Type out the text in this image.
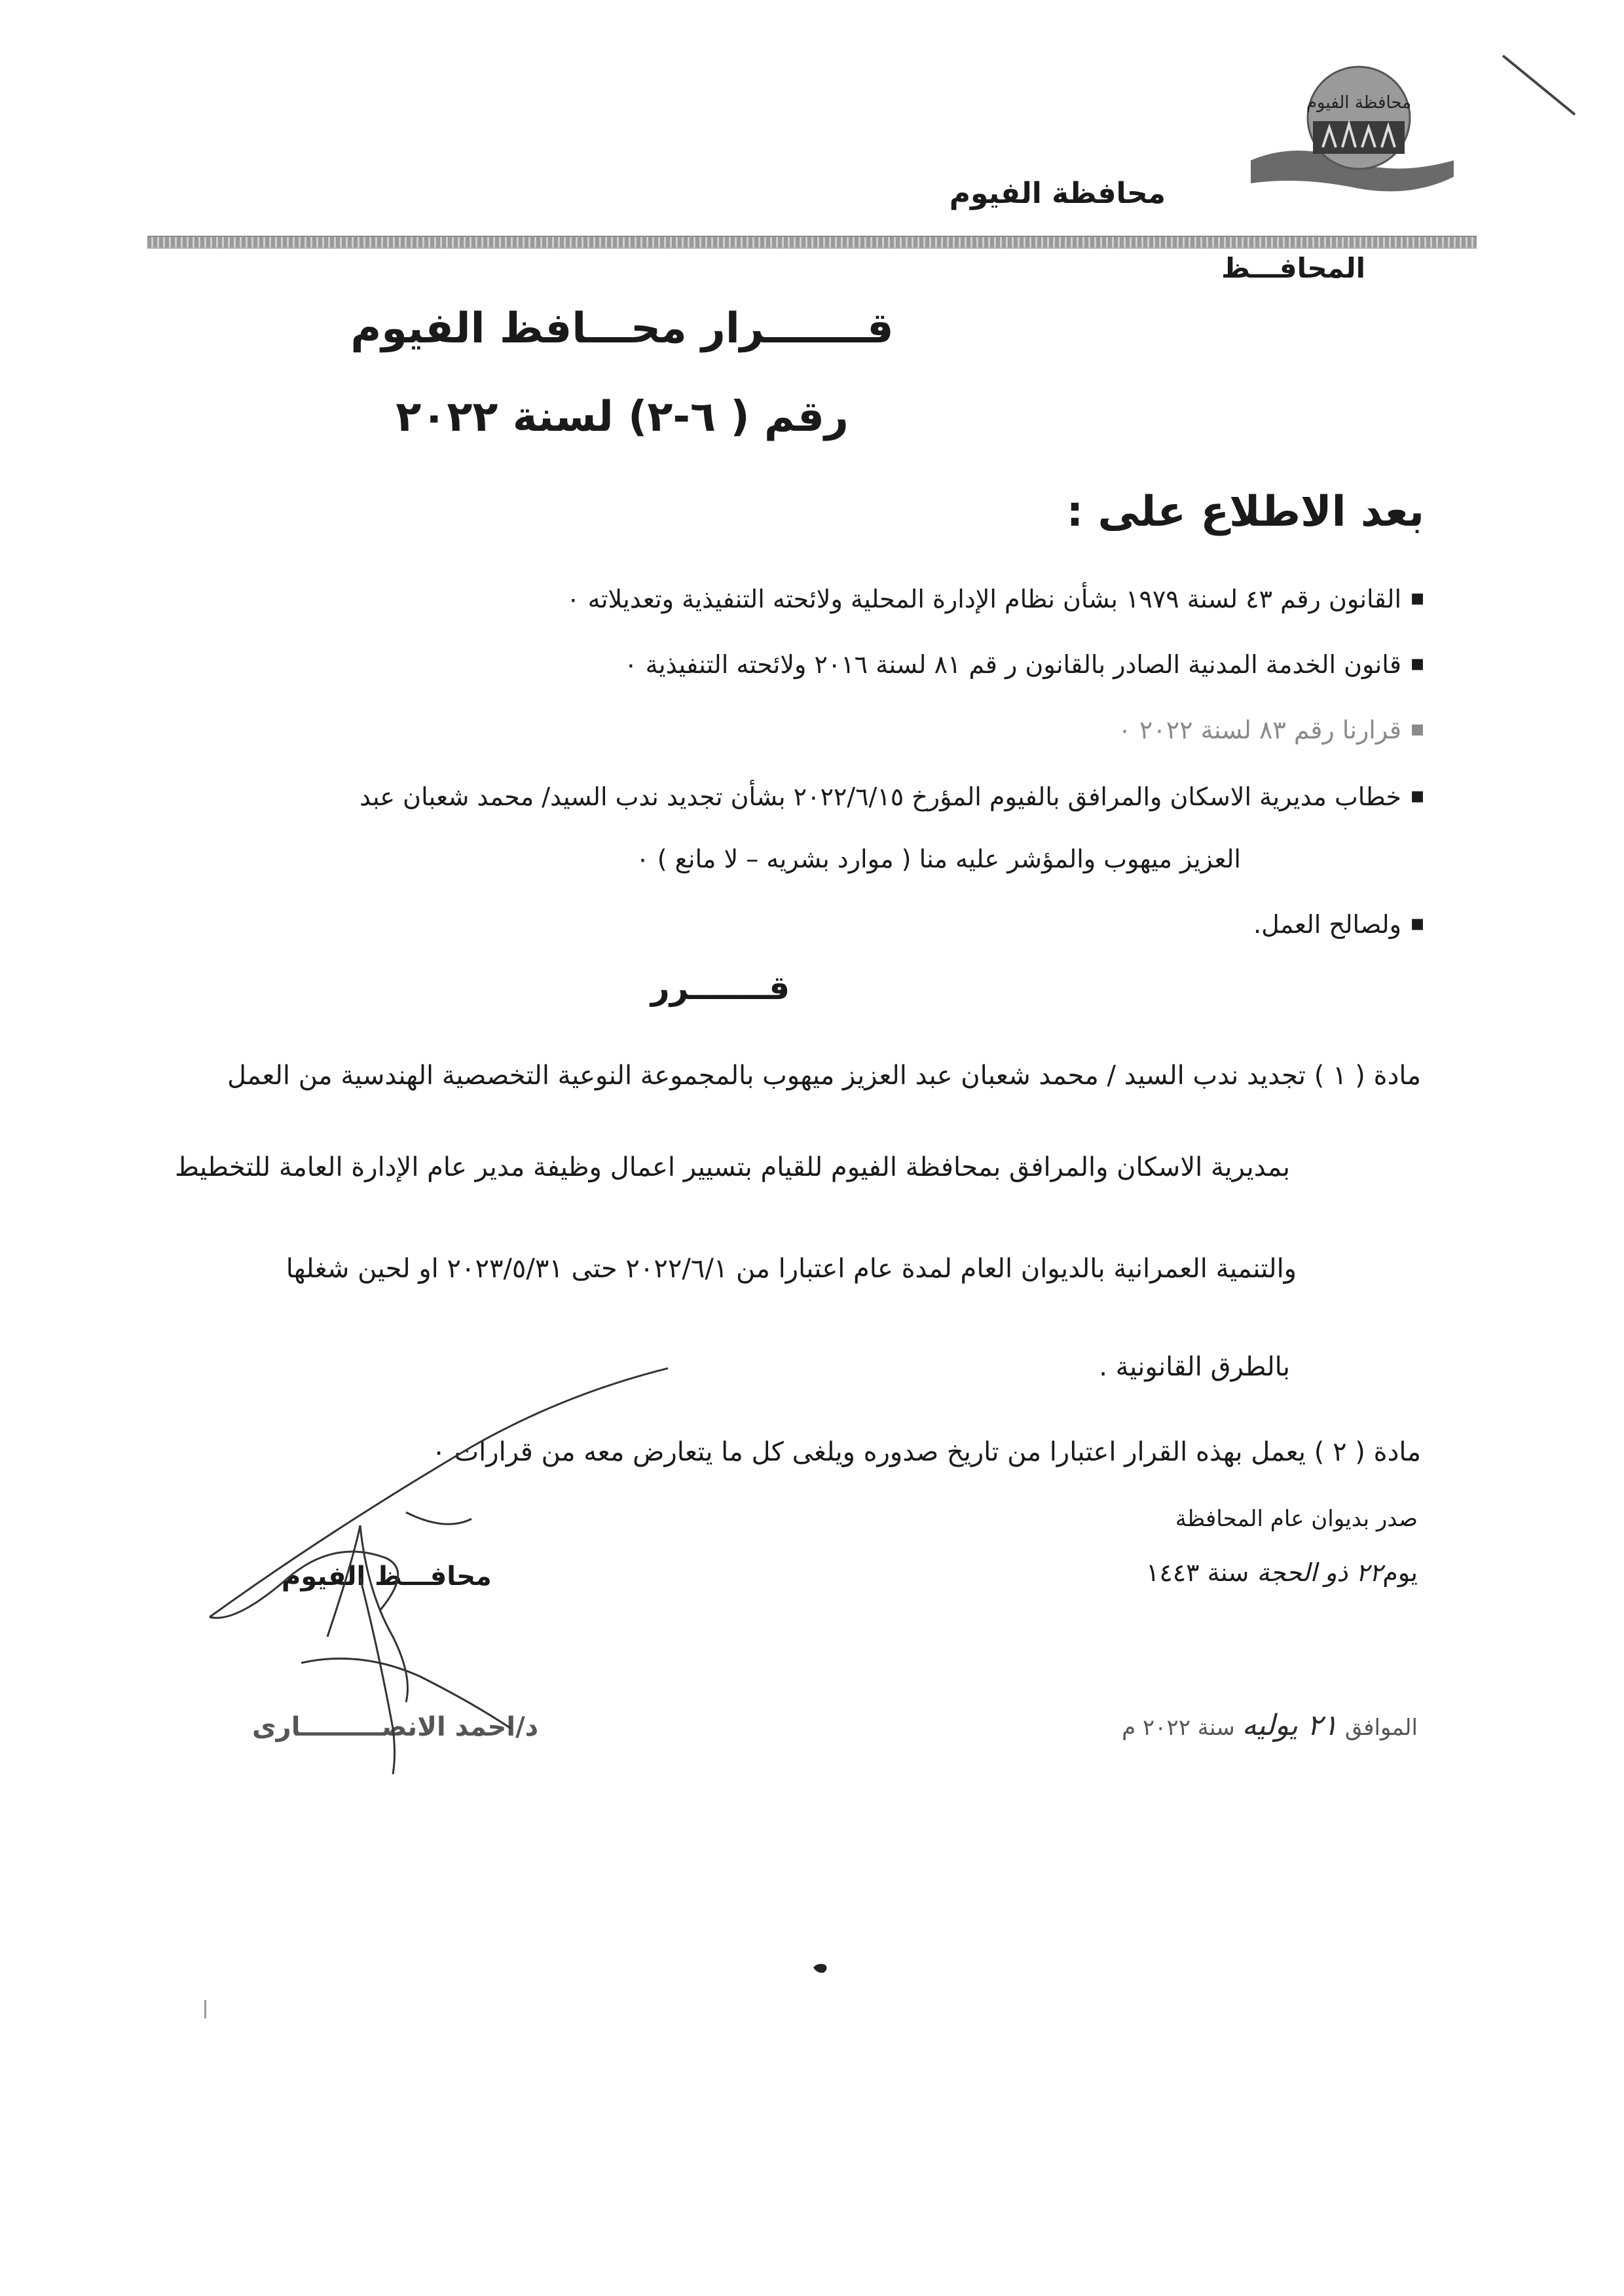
محافظة الفيوم
محافظة الفيوم
المحافـــظ
قـــــــرار محـــافظ الفيوم
رقم ( ٦-٢) لسنة ٢٠٢٢
بعد الاطلاع على :
▪ القانون رقم ٤٣ لسنة ١٩٧٩ بشأن نظام الإدارة المحلية ولائحته التنفيذية وتعديلاته ٠
▪ قانون الخدمة المدنية الصادر بالقانون ر قم ٨١ لسنة ٢٠١٦ ولائحته التنفيذية ٠
▪ قرارنا رقم ٨٣ لسنة ٢٠٢٢ ٠
▪ خطاب مديرية الاسكان والمرافق بالفيوم المؤرخ ٢٠٢٢/٦/١٥ بشأن تجديد ندب السيد/ محمد شعبان عبد
العزيز ميهوب والمؤشر عليه منا ( موارد بشريه – لا مانع ) ٠
▪ ولصالح العمل.
قـــــــرر
مادة ( ١ ) تجديد ندب السيد / محمد شعبان عبد العزيز ميهوب بالمجموعة النوعية التخصصية الهندسية من العمل
بمديرية الاسكان والمرافق بمحافظة الفيوم للقيام بتسيير اعمال وظيفة مدير عام الإدارة العامة للتخطيط
والتنمية العمرانية بالديوان العام لمدة عام اعتبارا من ٢٠٢٢/٦/١ حتى ٢٠٢٣/٥/٣١ او لحين شغلها
بالطرق القانونية .
مادة ( ٢ ) يعمل بهذه القرار اعتبارا من تاريخ صدوره ويلغى كل ما يتعارض معه من قرارات ٠
صدر بديوان عام المحافظة
يوم٢٢ ذو الحجة سنة ١٤٤٣
الموافق ٢١ يوليه سنة ٢٠٢٢ م
محافـــظ الفيوم
د/احمد الانصـــــــــارى
